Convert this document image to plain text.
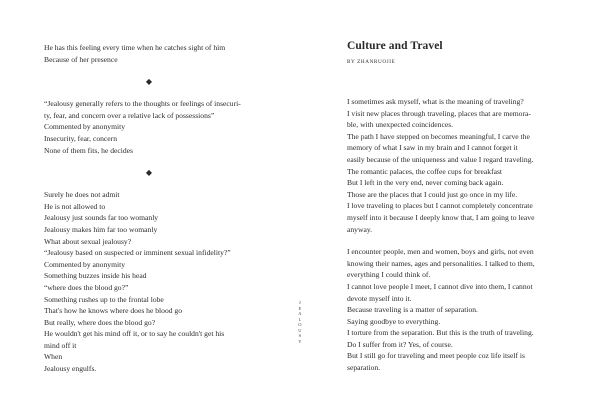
He has this feeling every time when he catches sight of him
Because of her presence
◆
“Jealousy generally refers to the thoughts or feelings of insecuri-
ty, fear, and concern over a relative lack of possessions”
Commented by anonymity
Insecurity, fear, concern
None of them fits, he decides
◆
Surely he does not admit
He is not allowed to
Jealousy just sounds far too womanly
Jealousy makes him far too womanly
What about sexual jealousy?
“Jealousy based on suspected or imminent sexual infidelity?”
Commented by anonymity
Something buzzes inside his head
“where does the blood go?”
Something rushes up to the frontal lobe
That's how he knows where does he blood go
But really, where does the blood go?
He wouldn't get his mind off it, or to say he couldn't get his
mind off it
When
Jealousy engulfs.
J
E
A
L
O
U
S
Y
Culture and Travel
BY ZHANRUOJIE
I sometimes ask myself, what is the meaning of traveling?
I visit new places through traveling, places that are memora-
ble, with unexpected coincidences.
The path I have stepped on becomes meaningful, I carve the
memory of what I saw in my brain and I cannot forget it
easily because of the uniqueness and value I regard traveling.
The romantic palaces, the coffee cups for breakfast
But I left in the very end, never coming back again.
Those are the places that I could just go once in my life.
I love traveling to places but I cannot completely concentrate
myself into it because I deeply know that, I am going to leave
anyway.
I encounter people, men and women, boys and girls, not even
knowing their names, ages and personalities. I talked to them,
everything I could think of.
I cannot love people I meet, I cannot dive into them, I cannot
devote myself into it.
Because traveling is a matter of separation.
Saying goodbye to everything.
I torture from the separation. But this is the truth of traveling.
Do I suffer from it? Yes, of course.
But I still go for traveling and meet people coz life itself is
separation.
